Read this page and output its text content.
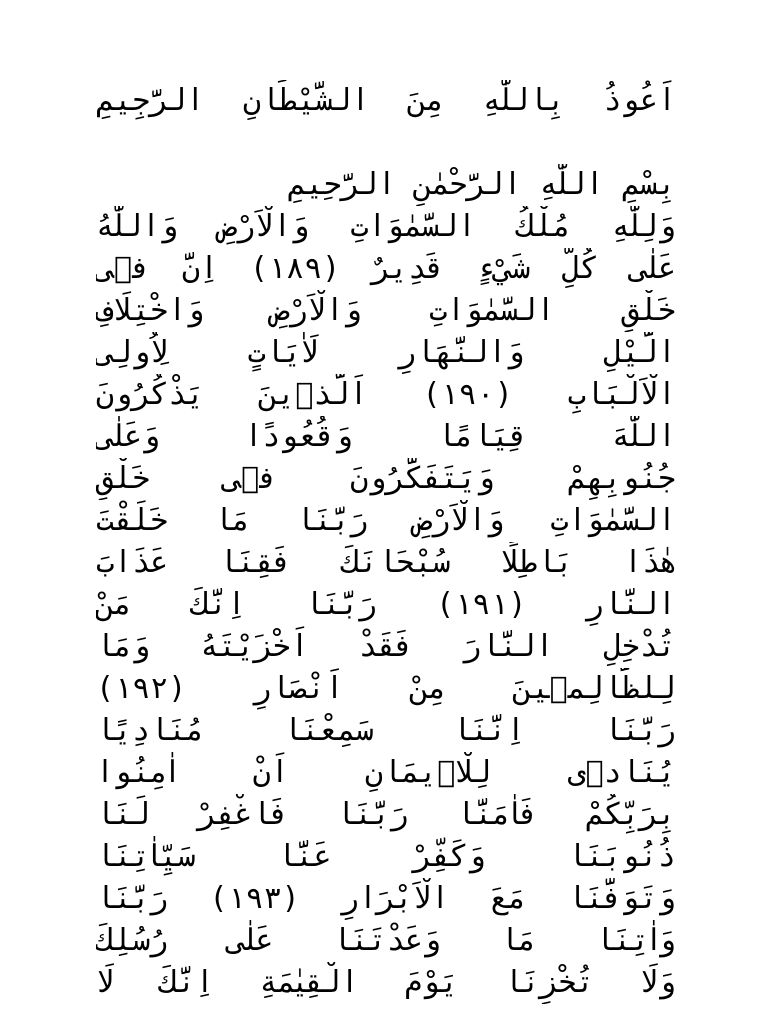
اَعُوذُ بِاللّٰهِ مِنَ الشَّيْطَانِ الرَّجِيمِ
بِسْمِ اللّٰهِ الرَّحْمٰنِ الرَّحِيمِ
وَلِلّٰهِ مُلْكُ السَّمٰوَاتِ وَالْاَرْضِ وَاللّٰهُ
عَلٰى كُلِّ شَيْءٍ قَدِيرٌ (١٨٩) اِنَّ فٖى
خَلْقِ السَّمٰوَاتِ وَالْاَرْضِ وَاخْتِلَافِ
الَّيْلِ وَالنَّهَارِ لَاٰيَاتٍ لِاُولِى
الْاَلْبَابِ (١٩٠) اَلَّذٖينَ يَذْكُرُونَ
اللّٰهَ قِيَامًا وَقُعُودًا وَعَلٰى
جُنُوبِهِمْ وَيَتَفَكَّرُونَ فٖى خَلْقِ
السَّمٰوَاتِ وَالْاَرْضِ رَبَّنَا مَا خَلَقْتَ
هٰذَا بَاطِلًا سُبْحَانَكَ فَقِنَا عَذَابَ
النَّارِ (١٩١) رَبَّنَا اِنَّكَ مَنْ
تُدْخِلِ النَّارَ فَقَدْ اَخْزَيْتَهُ وَمَا
لِلظَّالِمٖينَ مِنْ اَنْصَارٍ (١٩٢)
رَبَّنَا اِنَّنَا سَمِعْنَا مُنَادِيًا
يُنَادٖى لِلْاٖيمَانِ اَنْ اٰمِنُوا
بِرَبِّكُمْ فَاٰمَنَّا رَبَّنَا فَاغْفِرْ لَنَا
ذُنُوبَنَا وَكَفِّرْ عَنَّا سَيِّاٰتِنَا
وَتَوَفَّنَا مَعَ الْاَبْرَارِ (١٩٣) رَبَّنَا
وَاٰتِنَا مَا وَعَدْتَنَا عَلٰى رُسُلِكَ
وَلَا تُخْزِنَا يَوْمَ الْقِيٰمَةِ اِنَّكَ لَا
